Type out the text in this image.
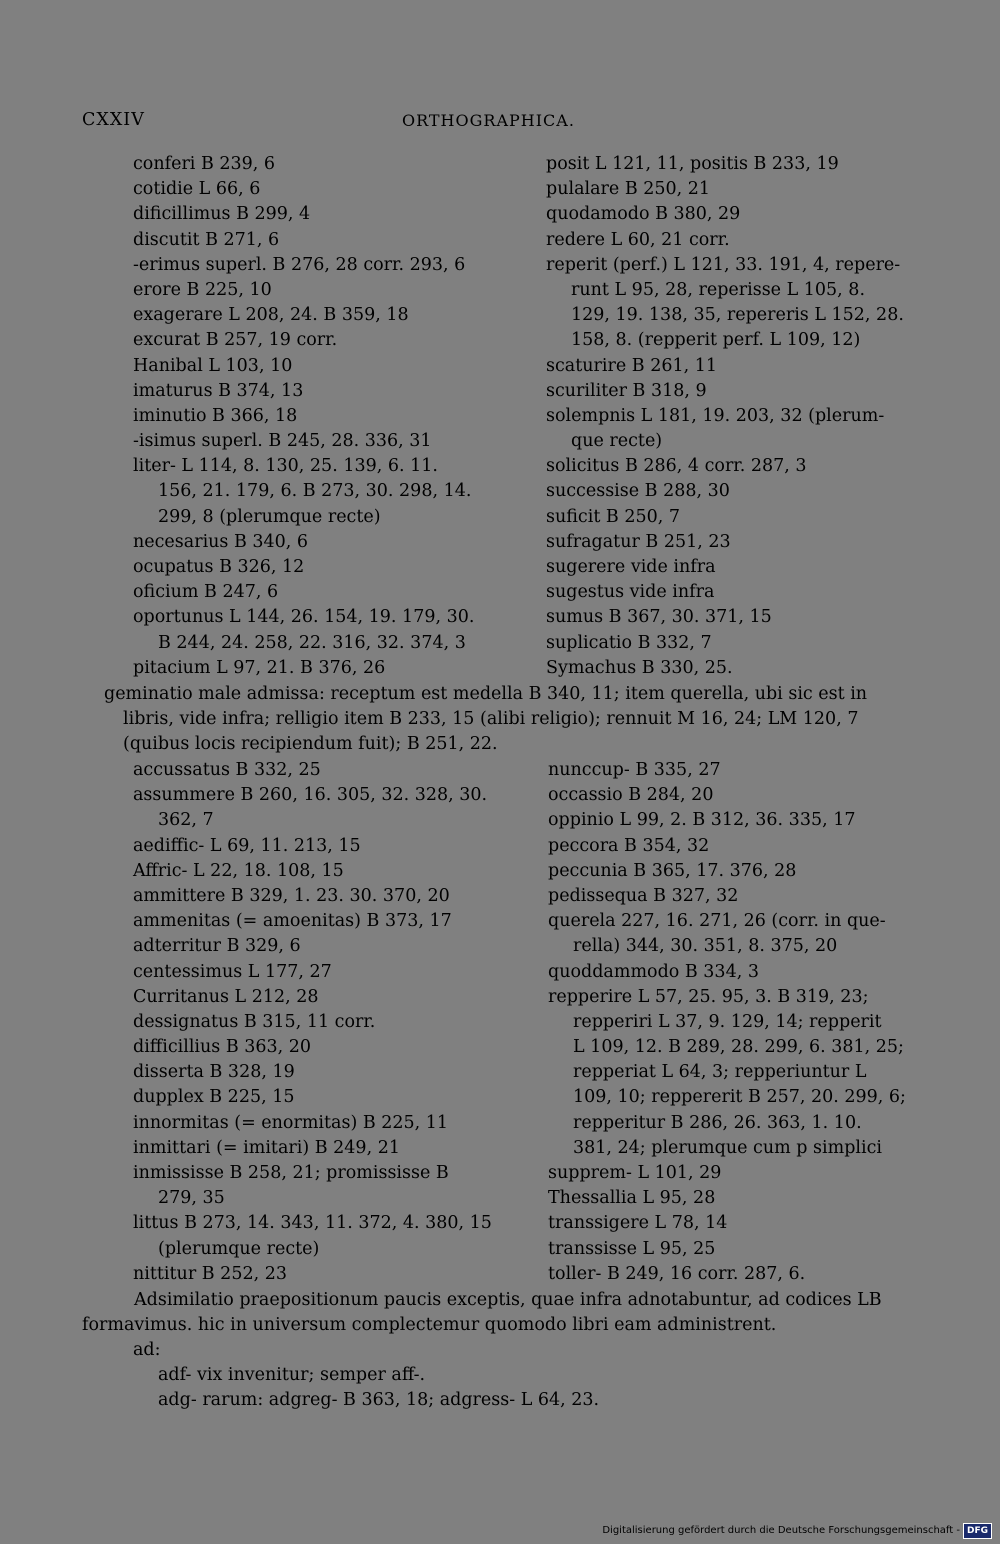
CXXIV	ORTHOGRAPHICA.
conferi B 239, 6
cotidie L 66, 6
dificillimus B 299, 4
discutit B 271, 6
-erimus superl. B 276, 28 corr. 293, 6
erore B 225, 10
exagerare L 208, 24. B 359, 18
excurat B 257, 19 corr.
Hanibal L 103, 10
imaturus B 374, 13
iminutio B 366, 18
-isimus superl. B 245, 28. 336, 31
liter- L 114, 8. 130, 25. 139, 6. 11.
156, 21. 179, 6. B 273, 30. 298, 14.
299, 8 (plerumque recte)
necesarius B 340, 6
ocupatus B 326, 12
oficium B 247, 6
oportunus L 144, 26. 154, 19. 179, 30.
B 244, 24. 258, 22. 316, 32. 374, 3
pitacium L 97, 21. B 376, 26
posit L 121, 11, positis B 233, 19
pulalare B 250, 21
quodamodo B 380, 29
redere L 60, 21 corr.
reperit (perf.) L 121, 33. 191, 4, repere-
runt L 95, 28, reperisse L 105, 8.
129, 19. 138, 35, repereris L 152, 28.
158, 8. (repperit perf. L 109, 12)
scaturire B 261, 11
scuriliter B 318, 9
solempnis L 181, 19. 203, 32 (plerum-
que recte)
solicitus B 286, 4 corr. 287, 3
successise B 288, 30
suficit B 250, 7
sufragatur B 251, 23
sugerere vide infra
sugestus vide infra
sumus B 367, 30. 371, 15
suplicatio B 332, 7
Symachus B 330, 25.
geminatio male admissa: receptum est medella B 340, 11; item querella, ubi sic est in
libris, vide infra; relligio item B 233, 15 (alibi religio); rennuit M 16, 24; LM 120, 7
(quibus locis recipiendum fuit); B 251, 22.
accussatus B 332, 25
assummere B 260, 16. 305, 32. 328, 30.
362, 7
aediffic- L 69, 11. 213, 15
Affric- L 22, 18. 108, 15
ammittere B 329, 1. 23. 30. 370, 20
ammenitas (= amoenitas) B 373, 17
adterritur B 329, 6
centessimus L 177, 27
Curritanus L 212, 28
dessignatus B 315, 11 corr.
difficillius B 363, 20
disserta B 328, 19
dupplex B 225, 15
innormitas (= enormitas) B 225, 11
inmittari (= imitari) B 249, 21
inmississe B 258, 21; promississe B
279, 35
littus B 273, 14. 343, 11. 372, 4. 380, 15
(plerumque recte)
nittitur B 252, 23
nunccup- B 335, 27
occassio B 284, 20
oppinio L 99, 2. B 312, 36. 335, 17
peccora B 354, 32
peccunia B 365, 17. 376, 28
pedissequa B 327, 32
querela 227, 16. 271, 26 (corr. in que-
rella) 344, 30. 351, 8. 375, 20
quoddammodo B 334, 3
repperire L 57, 25. 95, 3. B 319, 23;
repperiri L 37, 9. 129, 14; repperit
L 109, 12. B 289, 28. 299, 6. 381, 25;
repperiat L 64, 3; repperiuntur L
109, 10; reppererit B 257, 20. 299, 6;
repperitur B 286, 26. 363, 1. 10.
381, 24; plerumque cum p simplici
supprem- L 101, 29
Thessallia L 95, 28
transsigere L 78, 14
transsisse L 95, 25
toller- B 249, 16 corr. 287, 6.
Adsimilatio praepositionum paucis exceptis, quae infra adnotabuntur, ad codices LB
formavimus. hic in universum complectemur quomodo libri eam administrent.
ad:
adf- vix invenitur; semper aff-.
adg- rarum: adgreg- B 363, 18; adgress- L 64, 23.
Digitalisierung gefördert durch die Deutsche Forschungsgemeinschaft - DFG
